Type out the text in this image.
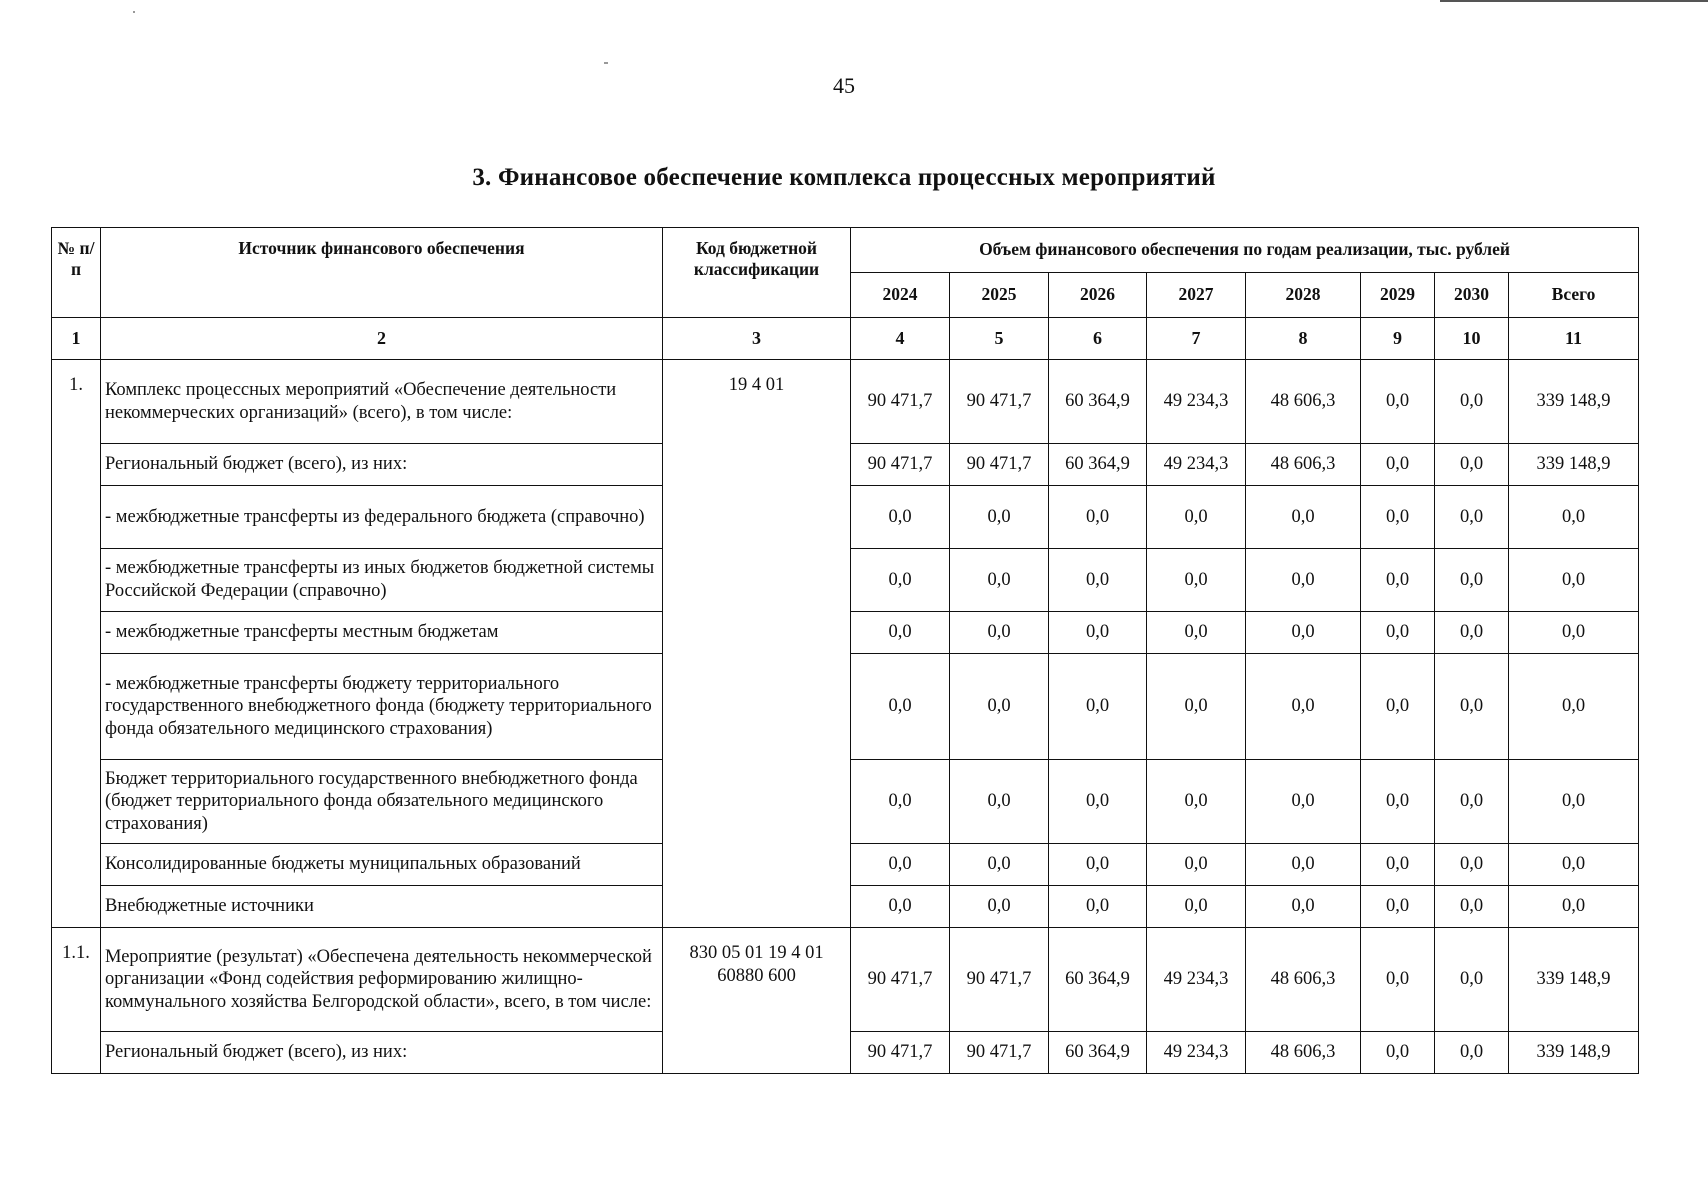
45
3. Финансовое обеспечение комплекса процессных мероприятий
№ п/п	Источник финансового обеспечения	Код бюджетной классификации	Объем финансового обеспечения по годам реализации, тыс. рублей							
			2024	2025	2026	2027	2028	2029	2030	Всего
1	2	3	4	5	6	7	8	9	10	11
1.	Комплекс процессных мероприятий «Обеспечение деятельности некоммерческих организаций» (всего), в том числе:	19 4 01	90 471,7	90 471,7	60 364,9	49 234,3	48 606,3	0,0	0,0	339 148,9
	Региональный бюджет (всего), из них:		90 471,7	90 471,7	60 364,9	49 234,3	48 606,3	0,0	0,0	339 148,9
	- межбюджетные трансферты из федерального бюджета (справочно)		0,0	0,0	0,0	0,0	0,0	0,0	0,0	0,0
	- межбюджетные трансферты из иных бюджетов бюджетной системы Российской Федерации (справочно)		0,0	0,0	0,0	0,0	0,0	0,0	0,0	0,0
	- межбюджетные трансферты местным бюджетам		0,0	0,0	0,0	0,0	0,0	0,0	0,0	0,0
	- межбюджетные трансферты бюджету территориального государственного внебюджетного фонда (бюджету территориального фонда обязательного медицинского страхования)		0,0	0,0	0,0	0,0	0,0	0,0	0,0	0,0
	Бюджет территориального государственного внебюджетного фонда (бюджет территориального фонда обязательного медицинского страхования)		0,0	0,0	0,0	0,0	0,0	0,0	0,0	0,0
	Консолидированные бюджеты муниципальных образований		0,0	0,0	0,0	0,0	0,0	0,0	0,0	0,0
	Внебюджетные источники		0,0	0,0	0,0	0,0	0,0	0,0	0,0	0,0
1.1.	Мероприятие (результат) «Обеспечена деятельность некоммерческой организации «Фонд содействия реформированию жилищно-коммунального хозяйства Белгородской области», всего, в том числе:	830 05 01 19 4 01 60880 600	90 471,7	90 471,7	60 364,9	49 234,3	48 606,3	0,0	0,0	339 148,9
	Региональный бюджет (всего), из них:		90 471,7	90 471,7	60 364,9	49 234,3	48 606,3	0,0	0,0	339 148,9
